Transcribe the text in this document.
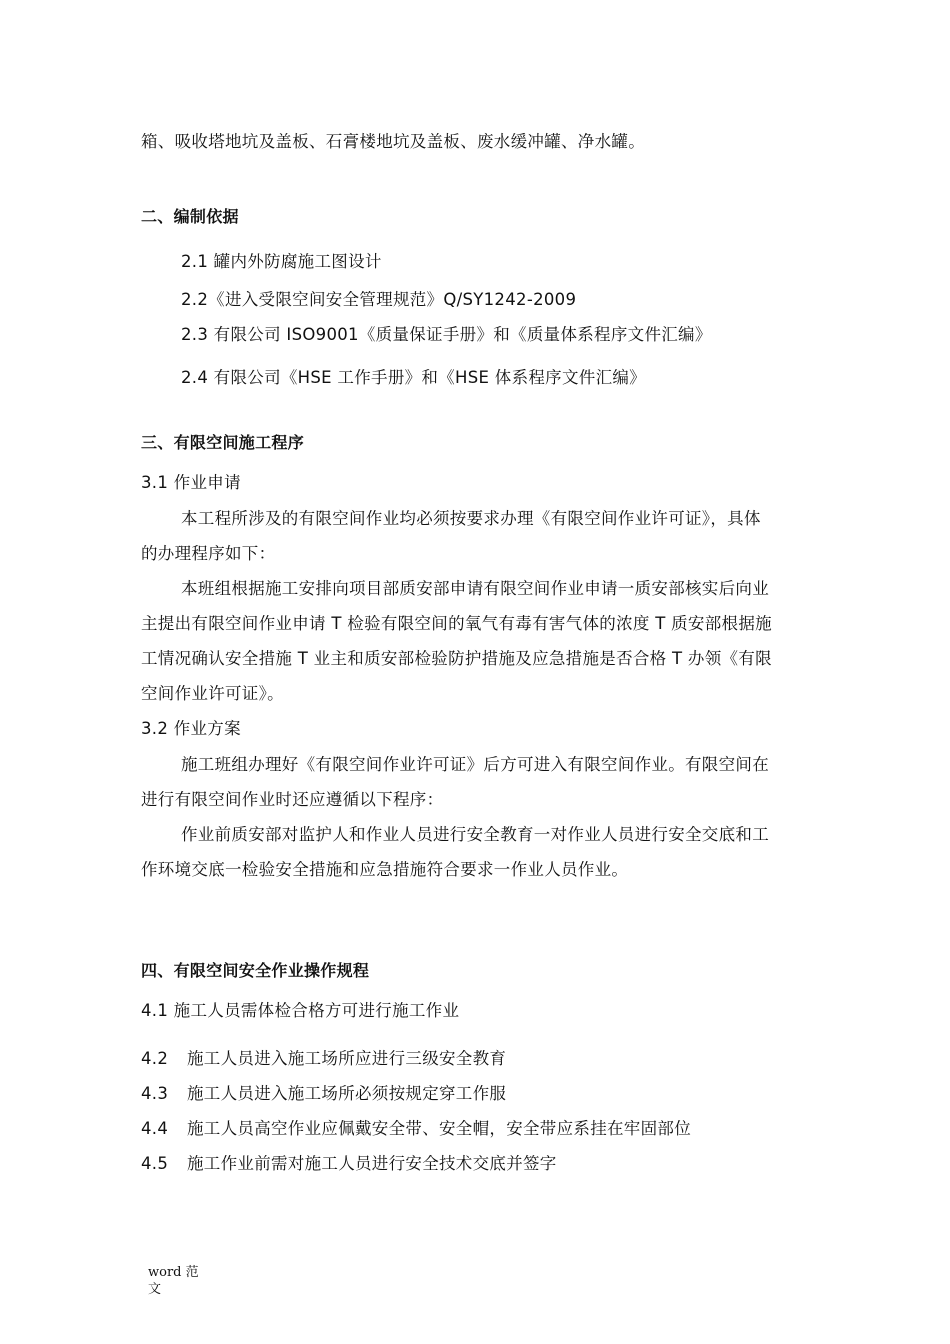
箱、吸收塔地坑及盖板、石膏楼地坑及盖板、废水缓冲罐、净水罐。
二、编制依据
2.1 罐内外防腐施工图设计
2.2《进入受限空间安全管理规范》Q/SY1242-2009
2.3 有限公司 ISO9001《质量保证手册》和《质量体系程序文件汇编》
2.4 有限公司《HSE 工作手册》和《HSE 体系程序文件汇编》
三、有限空间施工程序
3.1 作业申请
本工程所涉及的有限空间作业均必须按要求办理《有限空间作业许可证》，具体
的办理程序如下：
本班组根据施工安排向项目部质安部申请有限空间作业申请一质安部核实后向业
主提出有限空间作业申请 T 检验有限空间的氧气有毒有害气体的浓度 T 质安部根据施
工情况确认安全措施 T 业主和质安部检验防护措施及应急措施是否合格 T 办领《有限
空间作业许可证》。
3.2 作业方案
施工班组办理好《有限空间作业许可证》后方可进入有限空间作业。有限空间在
进行有限空间作业时还应遵循以下程序：
作业前质安部对监护人和作业人员进行安全教育一对作业人员进行安全交底和工
作环境交底一检验安全措施和应急措施符合要求一作业人员作业。
四、有限空间安全作业操作规程
4.1 施工人员需体检合格方可进行施工作业
4.2 施工人员进入施工场所应进行三级安全教育
4.3 施工人员进入施工场所必须按规定穿工作服
4.4 施工人员高空作业应佩戴安全带、安全帽，安全带应系挂在牢固部位
4.5 施工作业前需对施工人员进行安全技术交底并签字
word 范文
